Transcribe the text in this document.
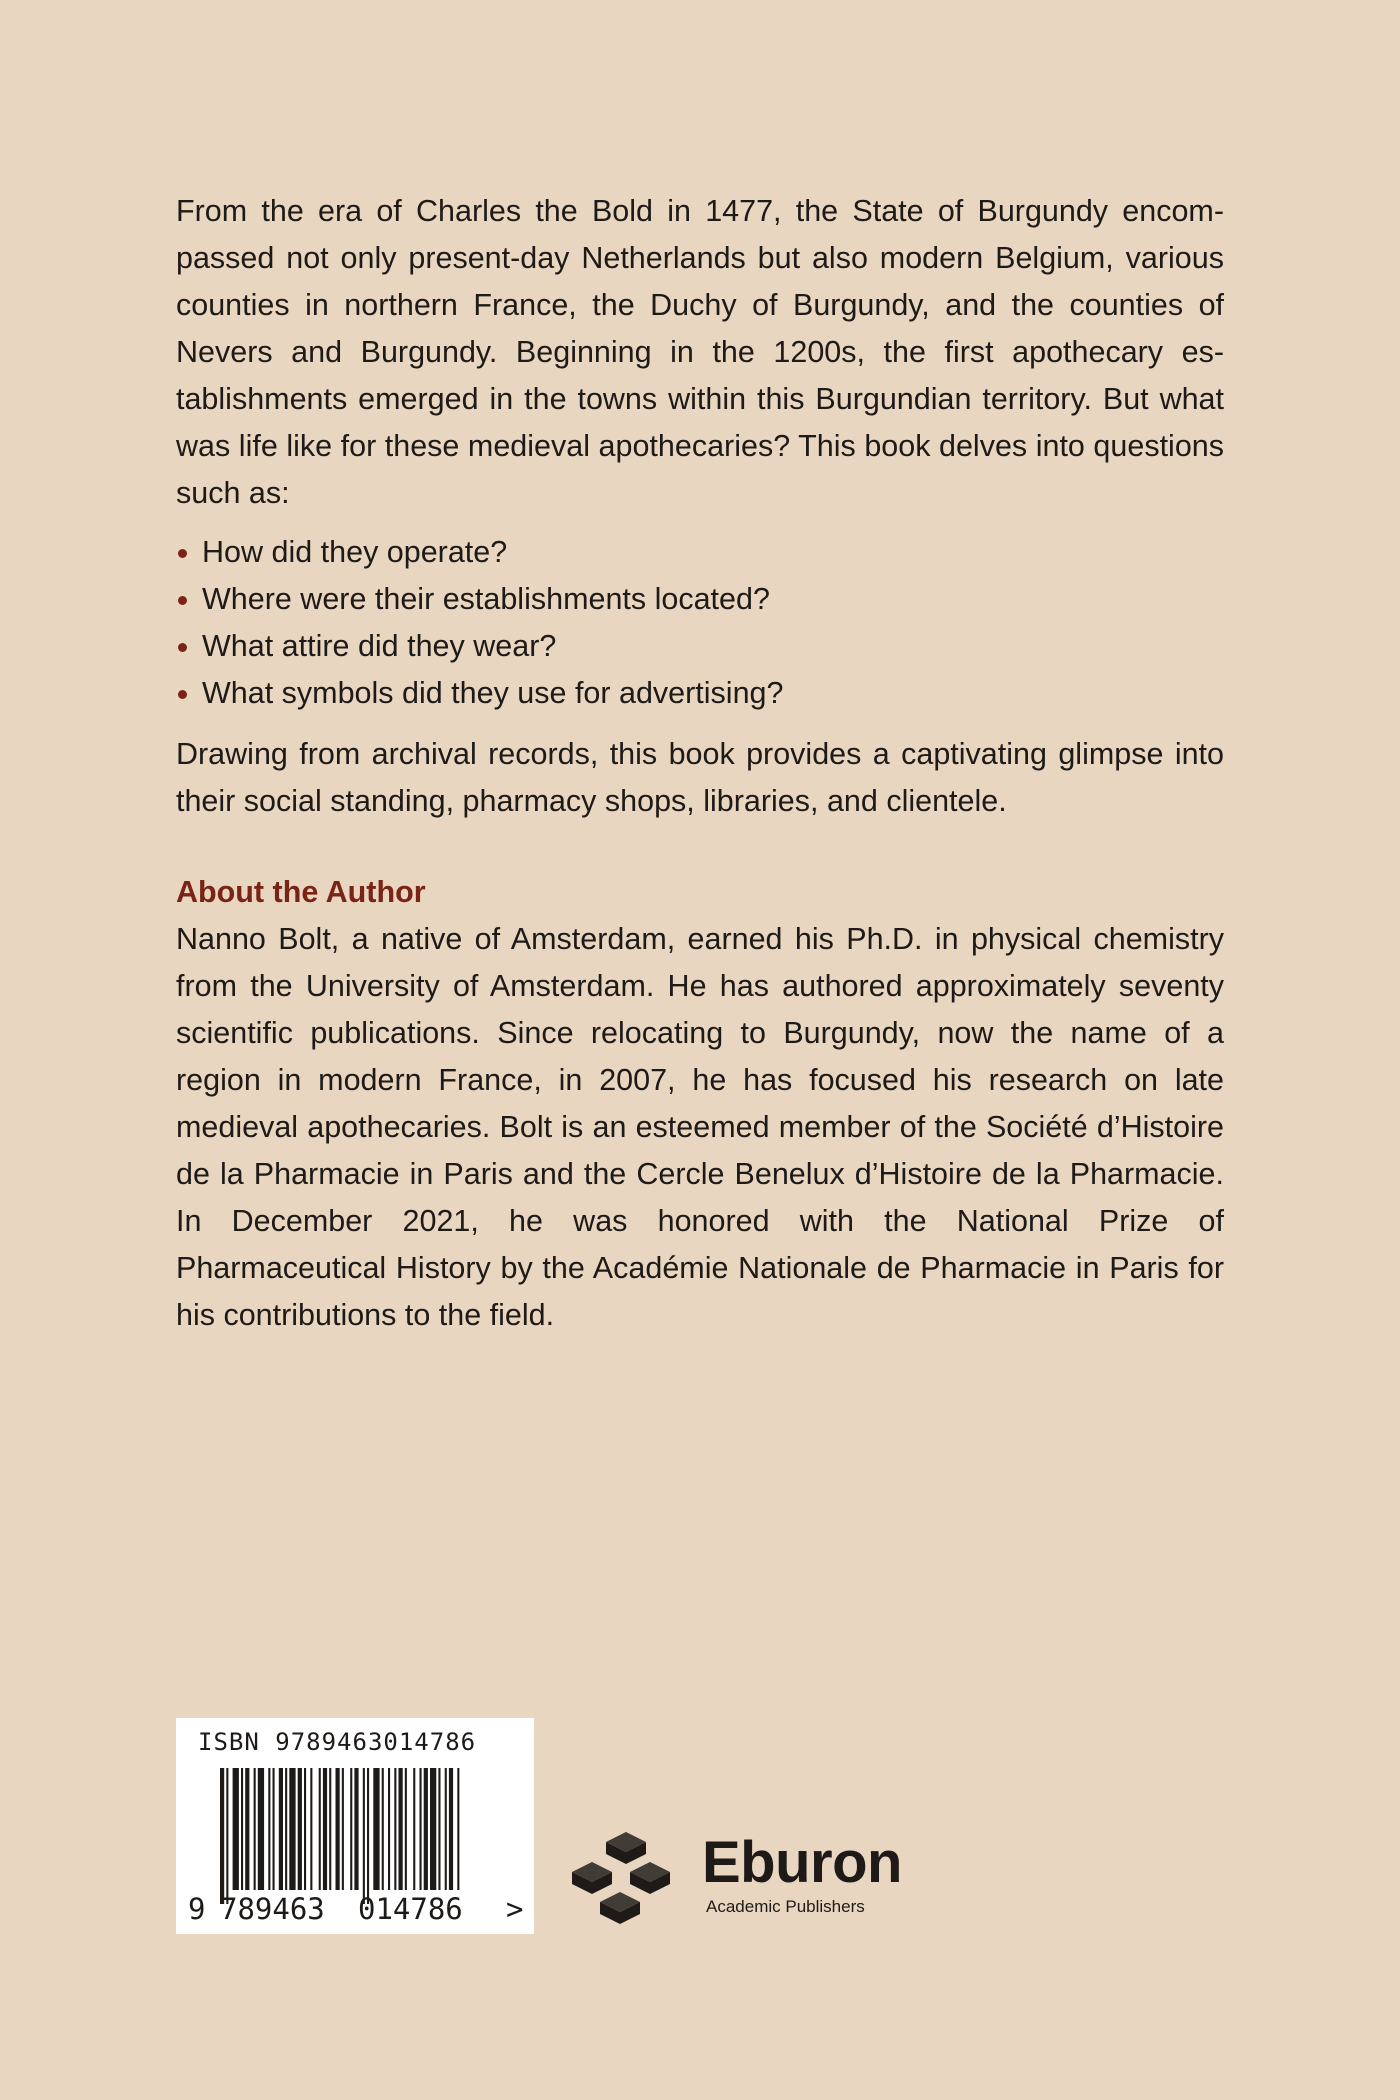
From the era of Charles the Bold in 1477, the State of Burgundy encompassed not only present-day Netherlands but also modern Belgium, various counties in northern France, the Duchy of Burgundy, and the counties of Nevers and Burgundy. Beginning in the 1200s, the first apothecary establishments emerged in the towns within this Burgundian territory. But what was life like for these medieval apothecaries? This book delves into questions such as:

How did they operate?
Where were their establishments located?
What attire did they wear?
What symbols did they use for advertising?

Drawing from archival records, this book provides a captivating glimpse into their social standing, pharmacy shops, libraries, and clientele.

About the Author

Nanno Bolt, a native of Amsterdam, earned his Ph.D. in physical chemistry from the University of Amsterdam. He has authored approximately seventy scientific publications. Since relocating to Burgundy, now the name of a region in modern France, in 2007, he has focused his research on late medieval apothecaries. Bolt is an esteemed member of the Société d’Histoire de la Pharmacie in Paris and the Cercle Benelux d’Histoire de la Pharmacie. In December 2021, he was honored with the National Prize of Pharmaceutical History by the Académie Nationale de Pharmacie in Paris for his contributions to the field.

ISBN 9789463014786
9 789463 014786 >
Eburon
Academic Publishers
